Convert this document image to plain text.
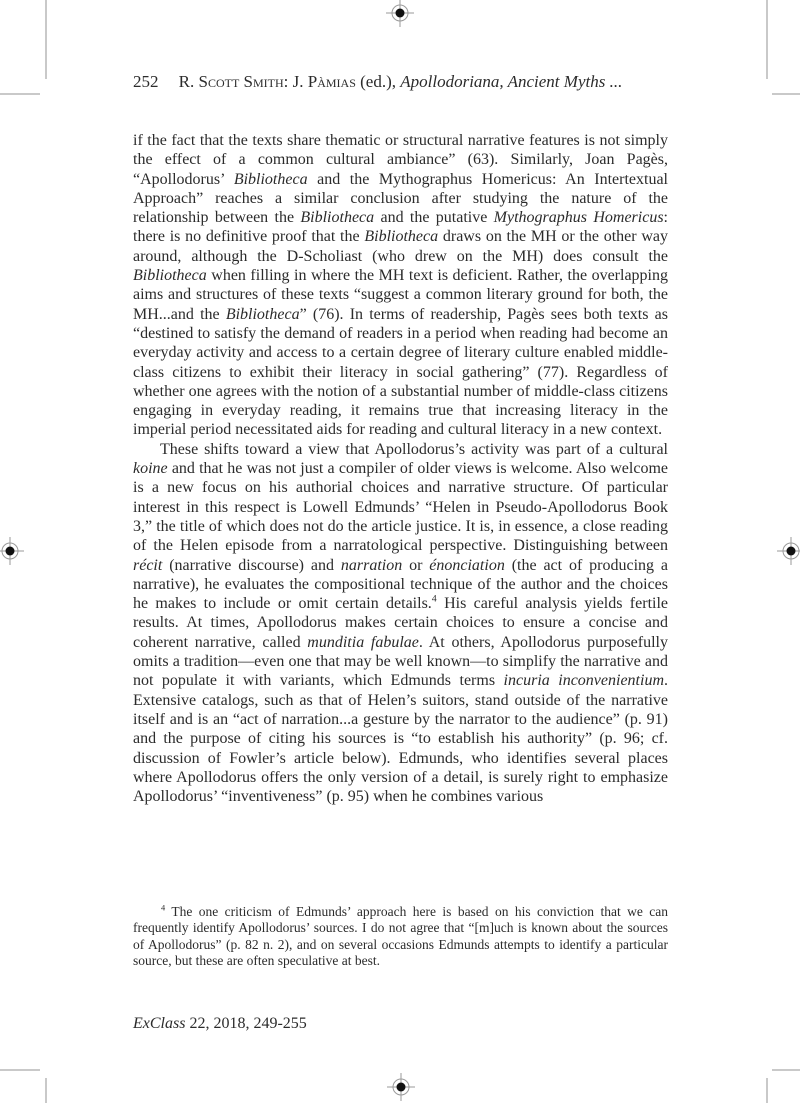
252	R. Scott Smith: J. Pàmias (ed.), Apollodoriana, Ancient Myths ...

if the fact that the texts share thematic or structural narrative features is not simply the effect of a common cultural ambiance” (63). Similarly, Joan Pagès, “Apollodorus’ Bibliotheca and the Mythographus Homericus: An Intertextual Approach” reaches a similar conclusion after studying the nature of the relationship between the Bibliotheca and the putative Mythographus Homericus: there is no definitive proof that the Bibliotheca draws on the MH or the other way around, although the D-Scholiast (who drew on the MH) does consult the Bibliotheca when filling in where the MH text is deficient. Rather, the overlapping aims and structures of these texts “suggest a common literary ground for both, the MH...and the Bibliotheca” (76). In terms of readership, Pagès sees both texts as “destined to satisfy the demand of readers in a period when reading had become an everyday activity and access to a certain degree of literary culture enabled middle-class citizens to exhibit their literacy in social gathering” (77). Regardless of whether one agrees with the notion of a substantial number of middle-class citizens engaging in everyday reading, it remains true that increasing literacy in the imperial period necessitated aids for reading and cultural literacy in a new context.

These shifts toward a view that Apollodorus’s activity was part of a cultural koine and that he was not just a compiler of older views is welcome. Also welcome is a new focus on his authorial choices and narrative structure. Of particular interest in this respect is Lowell Edmunds’ “Helen in Pseudo-Apollodorus Book 3,” the title of which does not do the article justice. It is, in essence, a close reading of the Helen episode from a narratological perspective. Distinguishing between récit (narrative discourse) and narration or énonciation (the act of producing a narrative), he evaluates the compositional technique of the author and the choices he makes to include or omit certain details.$^4$ His careful analysis yields fertile results. At times, Apollodorus makes certain choices to ensure a concise and coherent narrative, called munditia fabulae. At others, Apollodorus purposefully omits a tradition—even one that may be well known—to simplify the narrative and not populate it with variants, which Edmunds terms incuria inconvenientium. Extensive catalogs, such as that of Helen’s suitors, stand outside of the narrative itself and is an “act of narration...a gesture by the narrator to the audience” (p. 91) and the purpose of citing his sources is “to establish his authority” (p. 96; cf. discussion of Fowler’s article below). Edmunds, who identifies several places where Apollodorus offers the only version of a detail, is surely right to emphasize Apollodorus’ “inventiveness” (p. 95) when he combines various

$^4$ The one criticism of Edmunds’ approach here is based on his conviction that we can frequently identify Apollodorus’ sources. I do not agree that “[m]uch is known about the sources of Apollodorus” (p. 82 n. 2), and on several occasions Edmunds attempts to identify a particular source, but these are often speculative at best.
ExClass 22, 2018, 249-255
